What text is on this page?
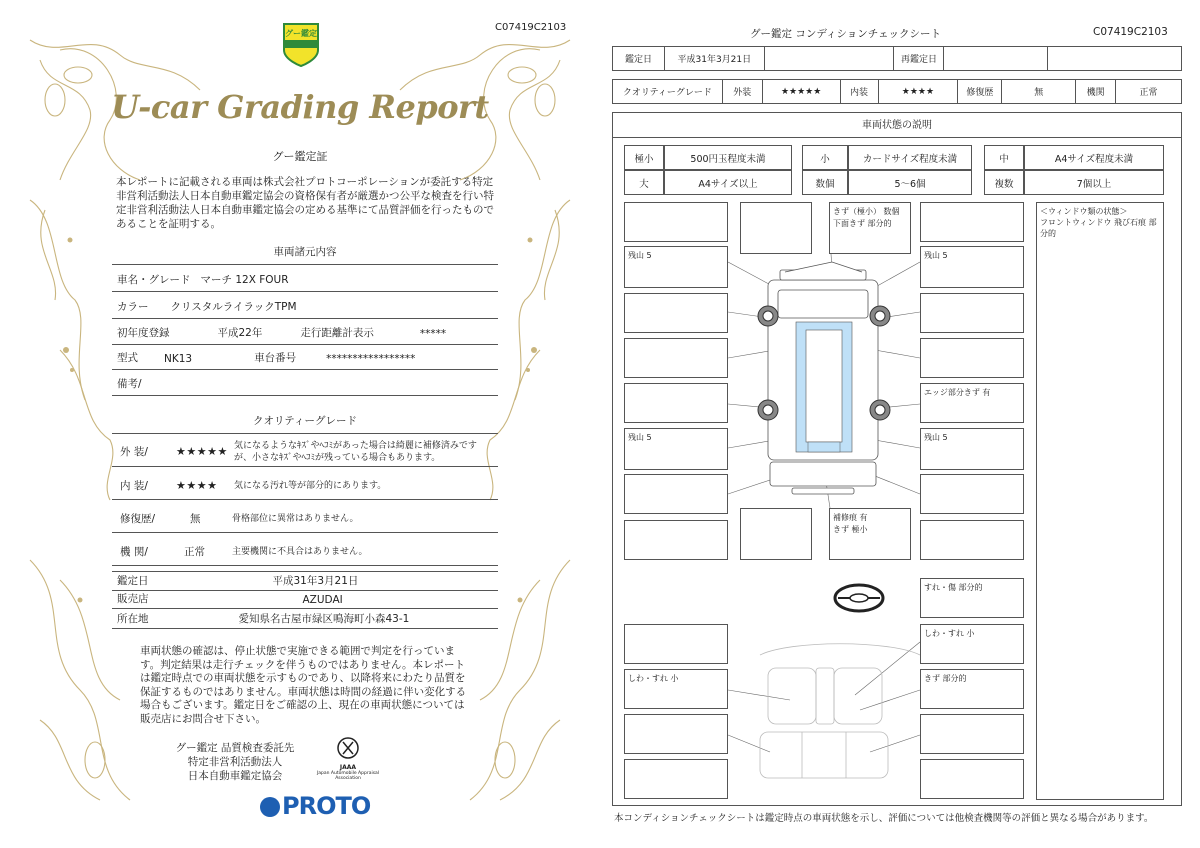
C07419C2103
グー鑑定
U-car Grading Report
グー鑑定証
本レポートに記載される車両は株式会社プロトコーポレーションが委託する特定非営利活動法人日本自動車鑑定協会の資格保有者が厳選かつ公平な検査を行い特定非営利活動法人日本自動車鑑定協会の定める基準にて品質評価を行ったものであることを証明する。
車両諸元内容
車名・グレード マーチ 12X FOUR
カラー クリスタルライラックTPM
初年度登録	平成22年	走行距離計表示	*****
型式 NK13	車台番号	*****************
備考/
クオリティーグレード
外 装/	★★★★★ 気になるようなｷｽﾞやﾍｺﾐがあった場合は綺麗に補修済みですが、小さなｷｽﾞやﾍｺﾐが残っている場合もあります。
内 装/	★★★★	気になる汚れ等が部分的にあります。
修復歴/	無	骨格部位に異常はありません。
機 関/	正常	主要機関に不具合はありません。
鑑定日	平成31年3月21日
販売店	AZUDAI
所在地	愛知県名古屋市緑区鳴海町小森43-1
車両状態の確認は、停止状態で実施できる範囲で判定を行っています。判定結果は走行チェックを伴うものではありません。本レポートは鑑定時点での車両状態を示すものであり、以降将来にわたり品質を保証するものではありません。車両状態は時間の経過に伴い変化する場合もございます。鑑定日をご確認の上、現在の車両状態については販売店にお問合せ下さい。
グー鑑定 品質検査委託先
特定非営利活動法人
日本自動車鑑定協会
JAAA
Japan Automobile Appraisal Association
PROTO
グー鑑定 コンディションチェックシート	C07419C2103
鑑定日	平成31年3月21日		再鑑定日		
クオリティーグレード	外装	★★★★★	内装	★★★★	修復歴	無	機関	正常
車両状態の説明
極小	500円玉程度未満	小	カードサイズ程度未満	中	A4サイズ程度未満
大	A4サイズ以上	数個	5～6個	複数	7個以上
残山 5
残山 5
きず（極小） 数個
下面きず 部分的
補修痕 有
きず 極小
残山 5
エッジ部分きず 有
残山 5
すれ・傷 部分的
しわ・すれ 小
しわ・すれ 小	きず 部分的
＜ウィンドウ類の状態＞
フロントウィンドウ 飛び石痕 部分的
本コンディションチェックシートは鑑定時点の車両状態を示し、評価については他検査機関等の評価と異なる場合があります。
